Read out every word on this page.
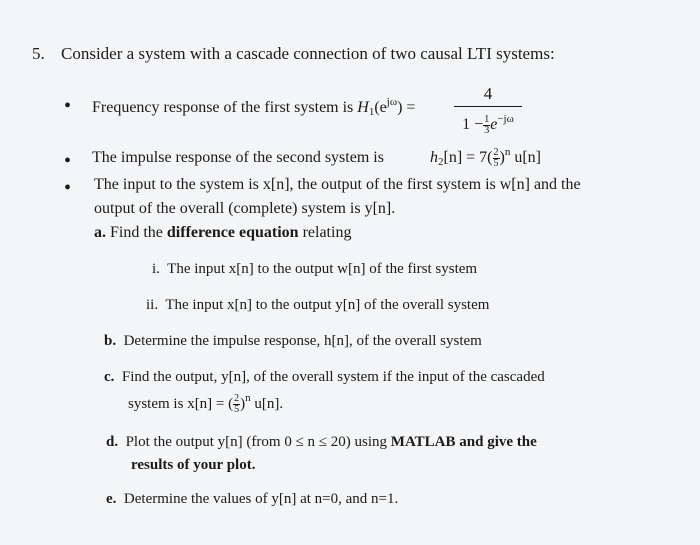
5. Consider a system with a cascade connection of two causal LTI systems:
• Frequency response of the first system is $H_1(e^{j\omega})$ =
4
$1 - \frac{1}{3} e^{-j\omega}$
• The impulse response of the second system is	$h_2[n] = 7( \frac{2}{5} )^n$ u[n]
• The input to the system is x[n], the output of the first system is w[n] and the
output of the overall (complete) system is y[n].
a. Find the difference equation relating
i. The input x[n] to the output w[n] of the first system
ii. The input x[n] to the output y[n] of the overall system
b. Determine the impulse response, h[n], of the overall system
c. Find the output, y[n], of the overall system if the input of the cascaded
system is x[n] = ( $\frac{2}{5} )^n$ u[n].
d. Plot the output y[n] (from 0 ≤ n ≤ 20) using MATLAB and give the
results of your plot.
e. Determine the values of y[n] at n=0, and n=1.
